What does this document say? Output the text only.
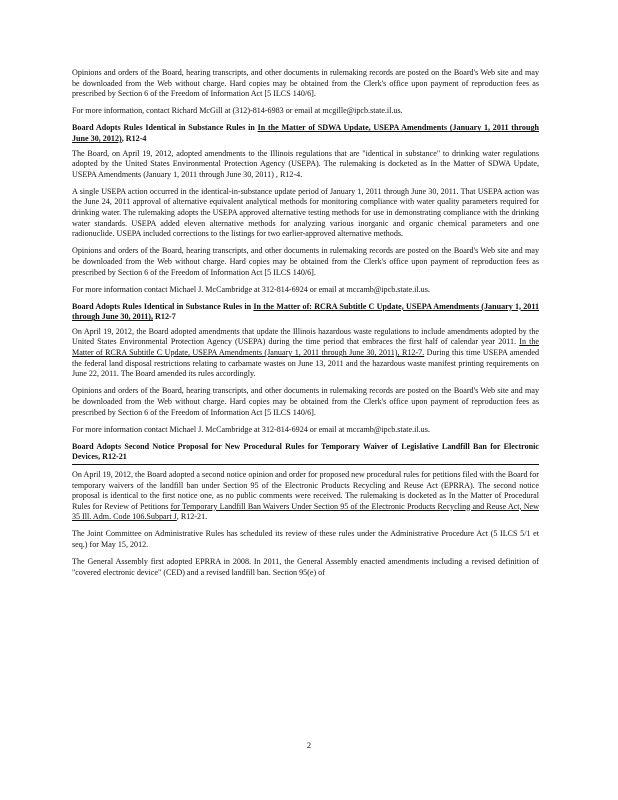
Opinions and orders of the Board, hearing transcripts, and other documents in rulemaking records are posted on the Board's Web site and may be downloaded from the Web without charge. Hard copies may be obtained from the Clerk's office upon payment of reproduction fees as prescribed by Section 6 of the Freedom of Information Act [5 ILCS 140/6].

For more information, contact Richard McGill at (312)-814-6983 or email at mcgille@ipcb.state.il.us.

Board Adopts Rules Identical in Substance Rules in In the Matter of SDWA Update, USEPA Amendments (January 1, 2011 through June 30, 2012), R12-4

The Board, on April 19, 2012, adopted amendments to the Illinois regulations that are "identical in substance" to drinking water regulations adopted by the United States Environmental Protection Agency (USEPA). The rulemaking is docketed as In the Matter of SDWA Update, USEPA Amendments (January 1, 2011 through June 30, 2011) , R12-4.

A single USEPA action occurred in the identical-in-substance update period of January 1, 2011 through June 30, 2011. That USEPA action was the June 24, 2011 approval of alternative equivalent analytical methods for monitoring compliance with water quality parameters required for drinking water. The rulemaking adopts the USEPA approved alternative testing methods for use in demonstrating compliance with the drinking water standards. USEPA added eleven alternative methods for analyzing various inorganic and organic chemical parameters and one radionuclide. USEPA included corrections to the listings for two earlier-approved alternative methods.

Opinions and orders of the Board, hearing transcripts, and other documents in rulemaking records are posted on the Board's Web site and may be downloaded from the Web without charge. Hard copies may be obtained from the Clerk's office upon payment of reproduction fees as prescribed by Section 6 of the Freedom of Information Act [5 ILCS 140/6].

For more information contact Michael J. McCambridge at 312-814-6924 or email at mccamb@ipcb.state.il.us.

Board Adopts Rules Identical in Substance Rules in In the Matter of: RCRA Subtitle C Update, USEPA Amendments (January 1, 2011 through June 30, 2011), R12-7

On April 19, 2012, the Board adopted amendments that update the Illinois hazardous waste regulations to include amendments adopted by the United States Environmental Protection Agency (USEPA) during the time period that embraces the first half of calendar year 2011. In the Matter of RCRA Subtitle C Update, USEPA Amendments (January 1, 2011 through June 30, 2011), R12-7. During this time USEPA amended the federal land disposal restrictions relating to carbamate wastes on June 13, 2011 and the hazardous waste manifest printing requirements on June 22, 2011. The Board amended its rules accordingly.

Opinions and orders of the Board, hearing transcripts, and other documents in rulemaking records are posted on the Board's Web site and may be downloaded from the Web without charge. Hard copies may be obtained from the Clerk's office upon payment of reproduction fees as prescribed by Section 6 of the Freedom of Information Act [5 ILCS 140/6].

For more information contact Michael J. McCambridge at 312-814-6924 or email at mccamb@ipcb.state.il.us.

Board Adopts Second Notice Proposal for New Procedural Rules for Temporary Waiver of Legislative Landfill Ban for Electronic Devices, R12-21

On April 19, 2012, the Board adopted a second notice opinion and order for proposed new procedural rules for petitions filed with the Board for temporary waivers of the landfill ban under Section 95 of the Electronic Products Recycling and Reuse Act (EPRRA). The second notice proposal is identical to the first notice one, as no public comments were received. The rulemaking is docketed as In the Matter of Procedural Rules for Review of Petitions for Temporary Landfill Ban Waivers Under Section 95 of the Electronic Products Recycling and Reuse Act, New 35 Ill. Adm. Code 106.Subpart J, R12-21.

The Joint Committee on Administrative Rules has scheduled its review of these rules under the Administrative Procedure Act (5 ILCS 5/1 et seq.) for May 15, 2012.

The General Assembly first adopted EPRRA in 2008. In 2011, the General Assembly enacted amendments including a revised definition of "covered electronic device" (CED) and a revised landfill ban. Section 95(e) of

2
